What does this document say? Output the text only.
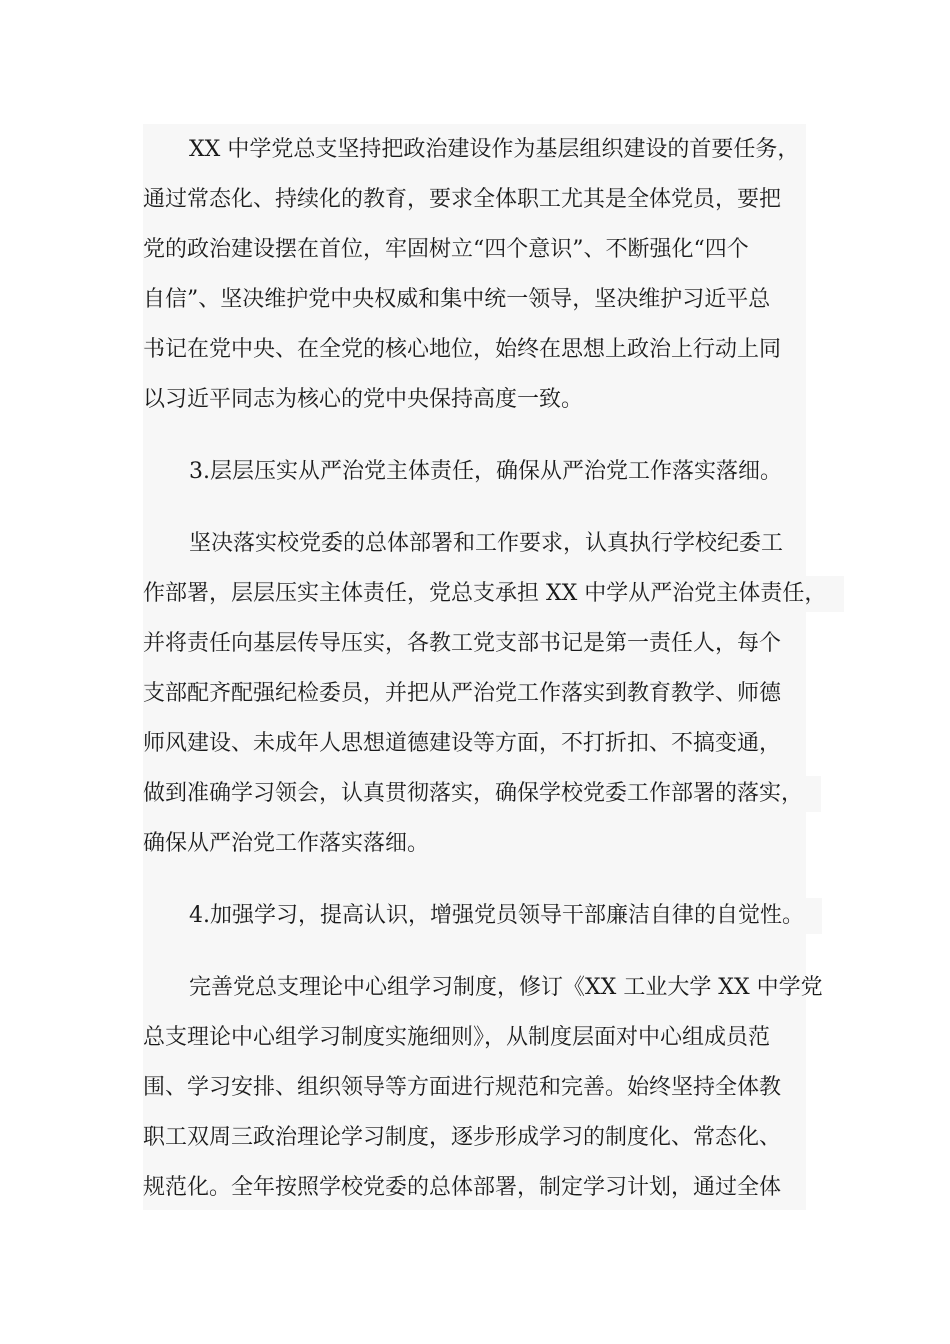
XX 中学党总支坚持把政治建设作为基层组织建设的首要任务，
通过常态化、持续化的教育，要求全体职工尤其是全体党员，要把
党的政治建设摆在首位，牢固树立“四个意识”、不断强化“四个
自信”、坚决维护党中央权威和集中统一领导，坚决维护习近平总
书记在党中央、在全党的核心地位，始终在思想上政治上行动上同
以习近平同志为核心的党中央保持高度一致。
3.层层压实从严治党主体责任，确保从严治党工作落实落细。
坚决落实校党委的总体部署和工作要求，认真执行学校纪委工
作部署，层层压实主体责任，党总支承担 XX 中学从严治党主体责任，
并将责任向基层传导压实，各教工党支部书记是第一责任人，每个
支部配齐配强纪检委员，并把从严治党工作落实到教育教学、师德
师风建设、未成年人思想道德建设等方面，不打折扣、不搞变通，
做到准确学习领会，认真贯彻落实，确保学校党委工作部署的落实，
确保从严治党工作落实落细。
4.加强学习，提高认识，增强党员领导干部廉洁自律的自觉性。
完善党总支理论中心组学习制度，修订《XX 工业大学 XX 中学党
总支理论中心组学习制度实施细则》，从制度层面对中心组成员范
围、学习安排、组织领导等方面进行规范和完善。始终坚持全体教
职工双周三政治理论学习制度，逐步形成学习的制度化、常态化、
规范化。全年按照学校党委的总体部署，制定学习计划，通过全体
